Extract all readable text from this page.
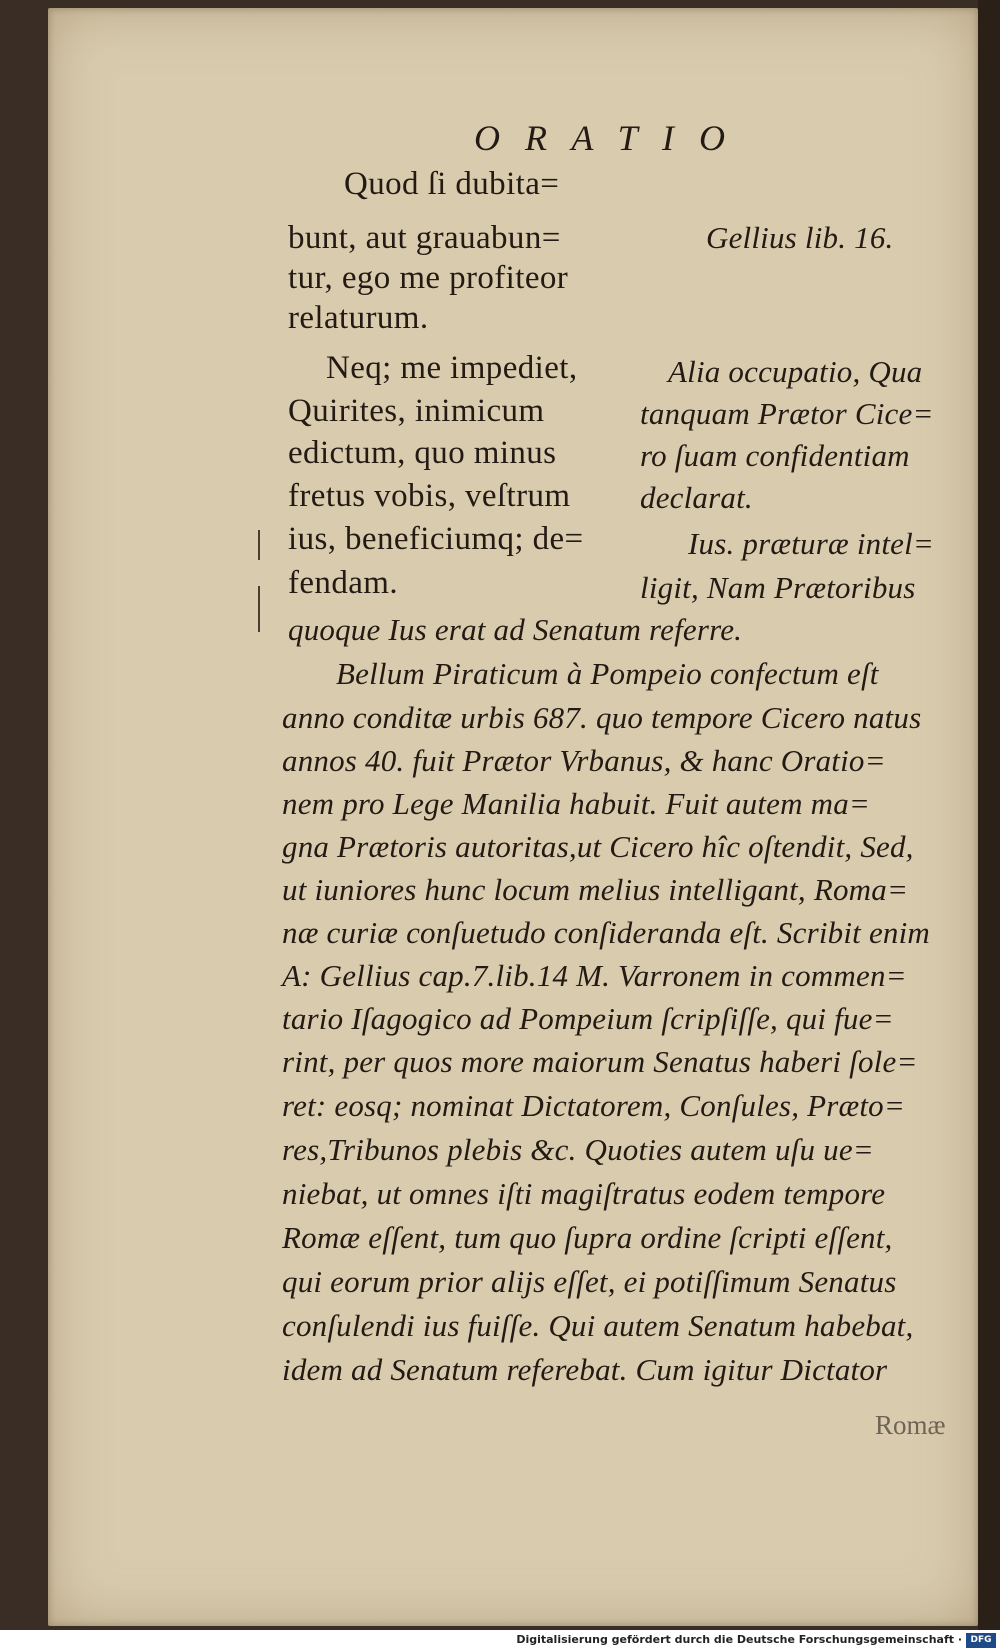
O R A T I O
Quod ſi dubita=
bunt, aut grauabun=
tur, ego me profiteor
relaturum.
Neq; me impediet,
Quirites, inimicum
edictum, quo minus
fretus vobis, veſtrum
ius, beneficiumq; de=
fendam.
Gellius lib. 16.
Alia occupatio, Qua
tanquam Prætor Cice=
ro ſuam confidentiam
declarat.
Ius. præturæ intel=
ligit, Nam Prætoribus
quoque Ius erat ad Senatum referre.
Bellum Piraticum à Pompeio confectum eſt
anno conditæ urbis 687. quo tempore Cicero natus
annos 40. fuit Prætor Vrbanus, & hanc Oratio=
nem pro Lege Manilia habuit. Fuit autem ma=
gna Prætoris autoritas,ut Cicero hîc oſtendit, Sed,
ut iuniores hunc locum melius intelligant, Roma=
næ curiæ conſuetudo conſideranda eſt. Scribit enim
A: Gellius cap.7.lib.14 M. Varronem in commen=
tario Iſagogico ad Pompeium ſcripſiſſe, qui fue=
rint, per quos more maiorum Senatus haberi ſole=
ret: eosq; nominat Dictatorem, Conſules, Præto=
res,Tribunos plebis &c. Quoties autem uſu ue=
niebat, ut omnes iſti magiſtratus eodem tempore
Romæ eſſent, tum quo ſupra ordine ſcripti eſſent,
qui eorum prior alijs eſſet, ei potiſſimum Senatus
conſulendi ius fuiſſe. Qui autem Senatum habebat,
idem ad Senatum referebat. Cum igitur Dictator
Romæ
Digitalisierung gefördert durch die Deutsche Forschungsgemeinschaft · DFG
